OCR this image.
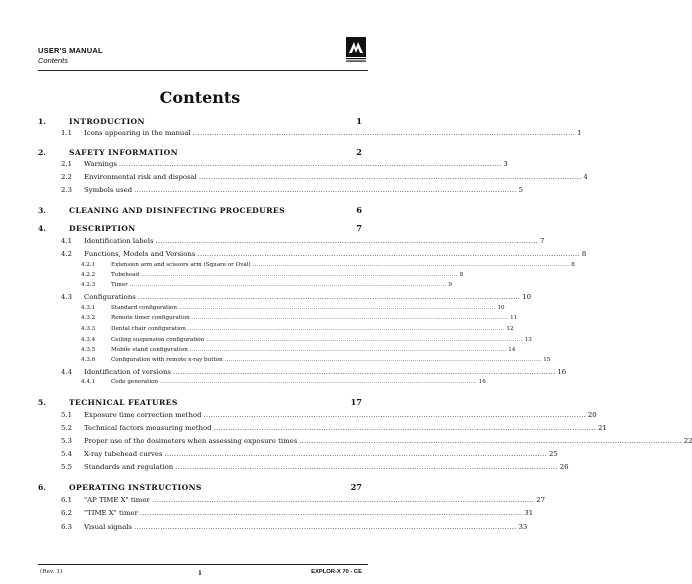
USER'S MANUAL
Contents
Contents
1.	INTRODUCTION	1
1.1	Icons appearing in the manual .....	1
2.	SAFETY INFORMATION	2
2.1	Warnings .....	3
2.2	Environmental risk and disposal .....	4
2.3	Symbols used .....	5
3.	CLEANING AND DISINFECTING PROCEDURES	6
4.	DESCRIPTION	7
4.1	Identification labels .....	7
4.2	Functions, Models and Versions .....	8
4.2.1	Extension arm and scissors arm (Square or Oval) .....	8
4.2.2	Tubehead .....	8
4.2.3	Timer .....	9
4.3	Configurations .....	10
4.3.1	Standard configuration .....	10
4.3.2	Remote timer configuration .....	11
4.3.3	Dental chair configuration .....	12
4.3.4	Ceiling suspension configuration .....	13
4.3.5	Mobile stand configuration .....	14
4.3.6	Configuration with remote x-ray button .....	15
4.4	Identification of versions .....	16
4.4.1	Code generation .....	16
5.	TECHNICAL FEATURES	17
5.1	Exposure time correction method .....	20
5.2	Technical factors measuring method .....	21
5.3	Proper use of the dosimeters when assessing exposure times .....	22
5.4	X-ray tubehead curves .....	25
5.5	Standards and regulation .....	26
6.	OPERATING INSTRUCTIONS	27
6.1	"AP TIME X" timer .....	27
6.2	"TIME X" timer .....	31
6.3	Visual signals .....	33
(Rev. 1)	i	EXPLOR-X 70 - CE
